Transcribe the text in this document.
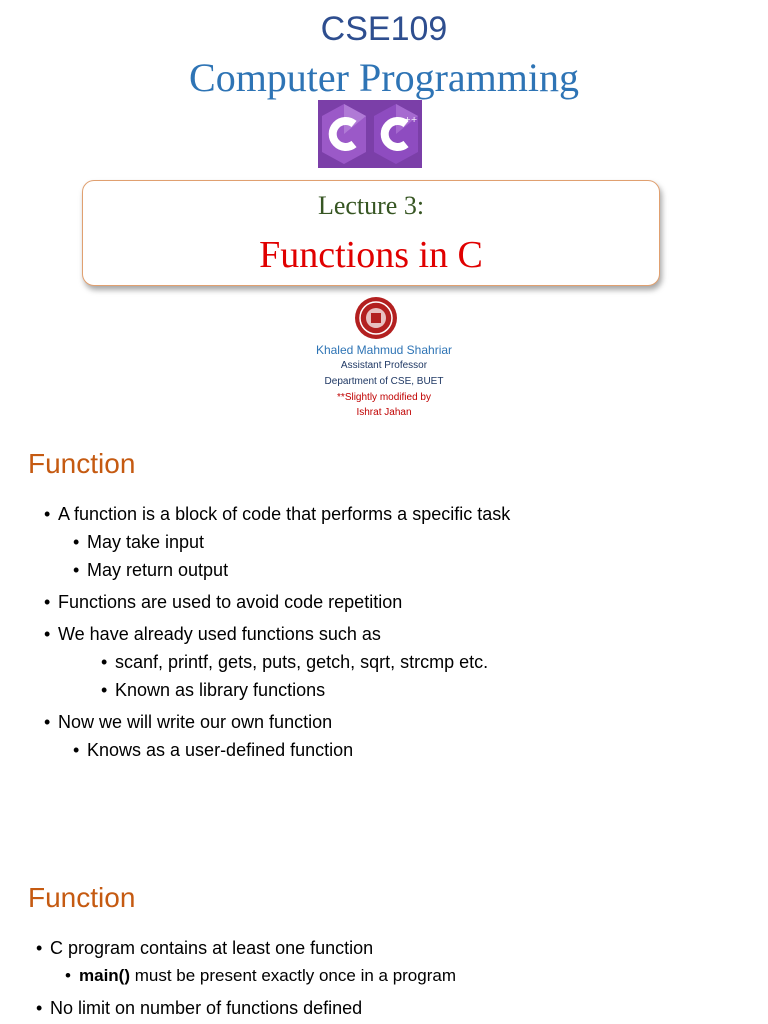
CSE109
Computer Programming
++
Lecture 3:
Functions in C
Khaled Mahmud Shahriar
Assistant Professor
Department of CSE, BUET
**Slightly modified by
Ishrat Jahan
Function
• A function is a block of code that performs a specific task
• May take input
• May return output
• Functions are used to avoid code repetition
• We have already used functions such as
• scanf, printf, gets, puts, getch, sqrt, strcmp etc.
• Known as library functions
• Now we will write our own function
• Knows as a user-defined function
Function
• C program contains at least one function
• main() must be present exactly once in a program
• No limit on number of functions defined
